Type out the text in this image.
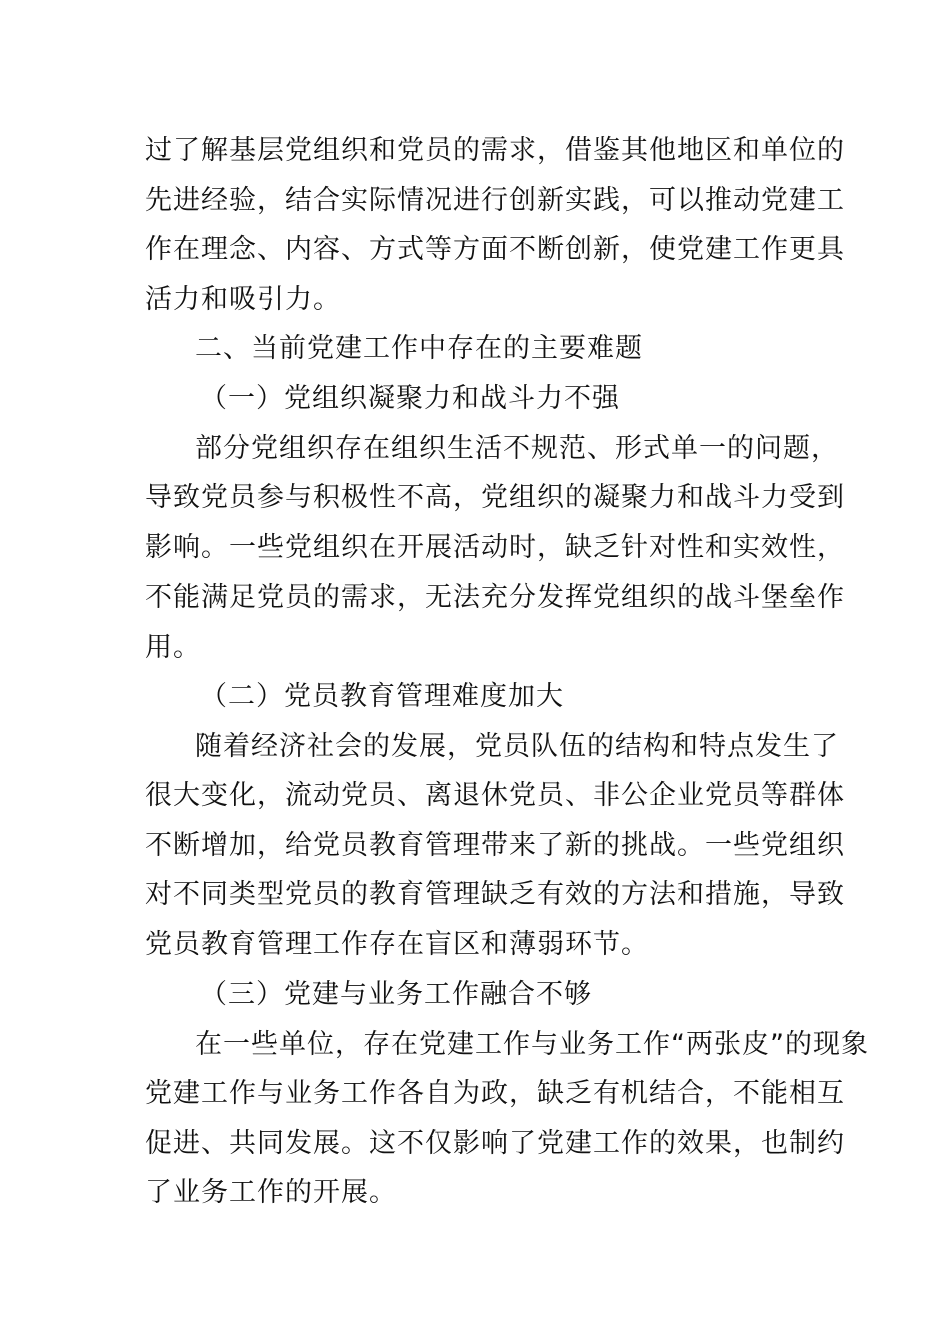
过了解基层党组织和党员的需求，借鉴其他地区和单位的
先进经验，结合实际情况进行创新实践，可以推动党建工
作在理念、内容、方式等方面不断创新，使党建工作更具
活力和吸引力。
二、当前党建工作中存在的主要难题
（一）党组织凝聚力和战斗力不强
部分党组织存在组织生活不规范、形式单一的问题，
导致党员参与积极性不高，党组织的凝聚力和战斗力受到
影响。一些党组织在开展活动时，缺乏针对性和实效性，
不能满足党员的需求，无法充分发挥党组织的战斗堡垒作
用。
（二）党员教育管理难度加大
随着经济社会的发展，党员队伍的结构和特点发生了
很大变化，流动党员、离退休党员、非公企业党员等群体
不断增加，给党员教育管理带来了新的挑战。一些党组织
对不同类型党员的教育管理缺乏有效的方法和措施，导致
党员教育管理工作存在盲区和薄弱环节。
（三）党建与业务工作融合不够
在一些单位，存在党建工作与业务工作“两张皮”的现象
党建工作与业务工作各自为政，缺乏有机结合，不能相互
促进、共同发展。这不仅影响了党建工作的效果，也制约
了业务工作的开展。
